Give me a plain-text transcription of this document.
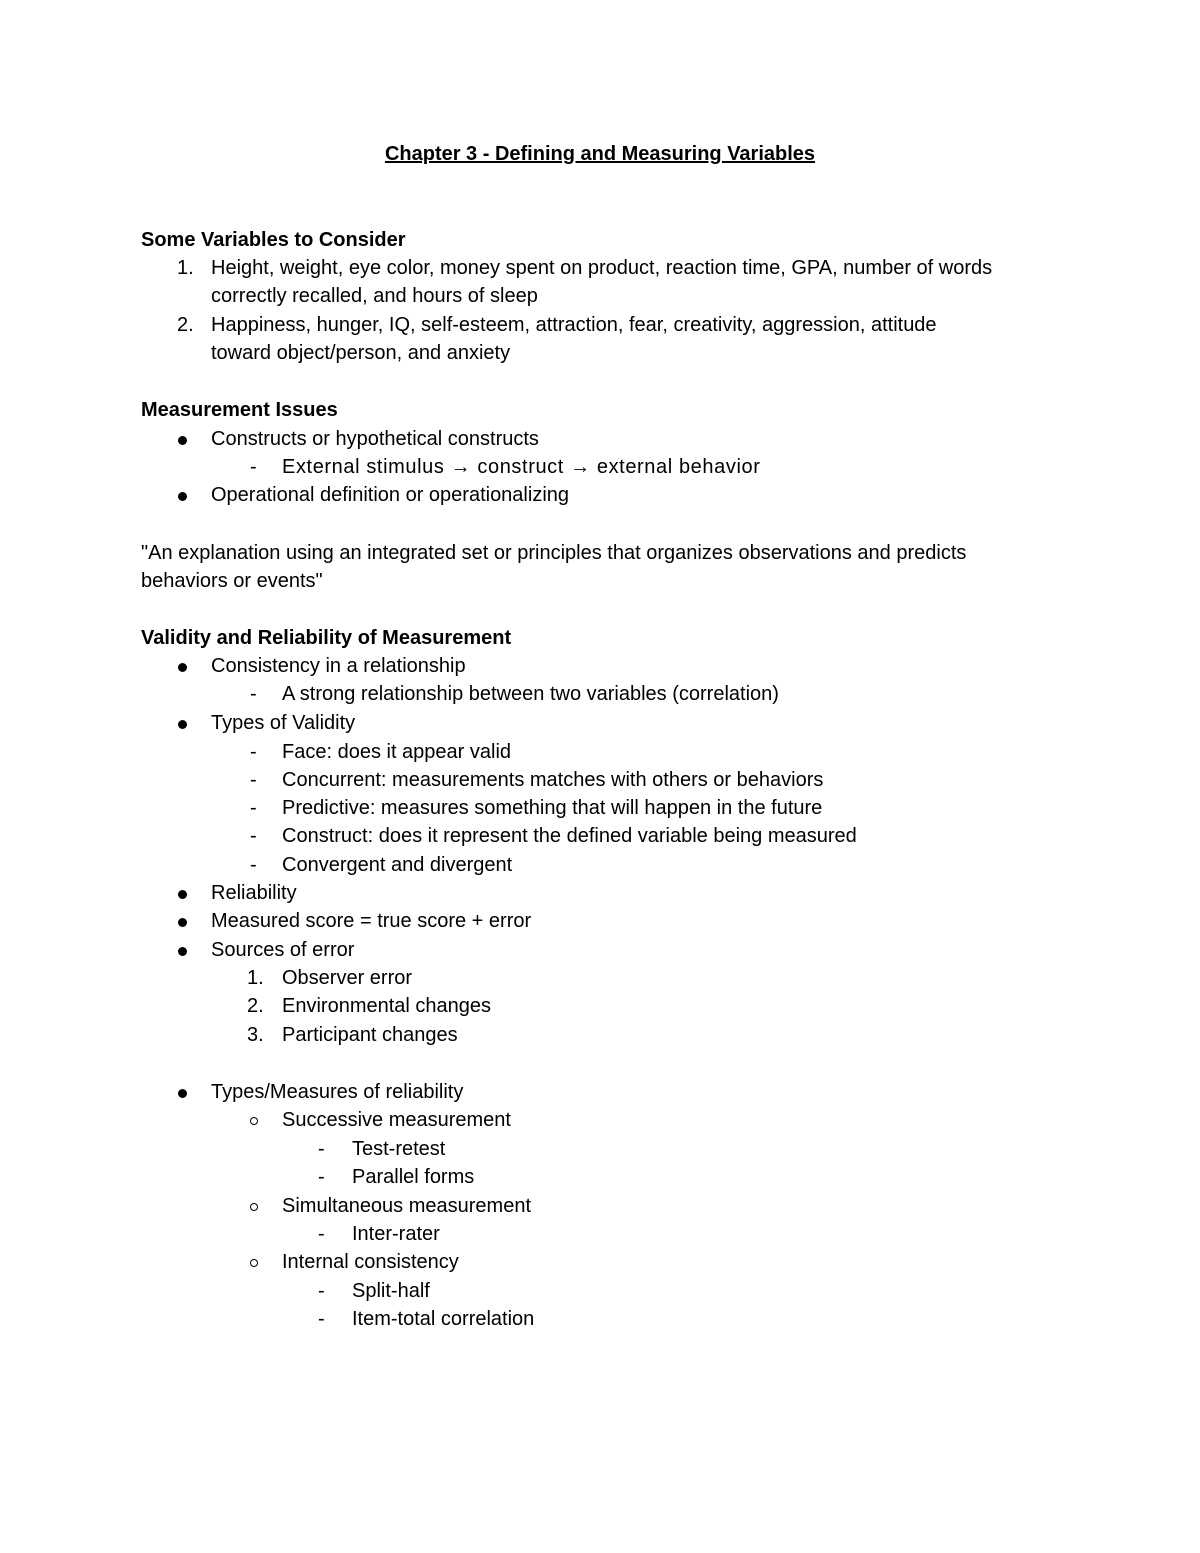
Chapter 3 - Defining and Measuring Variables
Some Variables to Consider
1. Height, weight, eye color, money spent on product, reaction time, GPA, number of words
correctly recalled, and hours of sleep
2. Happiness, hunger, IQ, self-esteem, attraction, fear, creativity, aggression, attitude
toward object/person, and anxiety
Measurement Issues
Constructs or hypothetical constructs
- External stimulus → construct → external behavior
Operational definition or operationalizing
"An explanation using an integrated set or principles that organizes observations and predicts
behaviors or events"
Validity and Reliability of Measurement
Consistency in a relationship
- A strong relationship between two variables (correlation)
Types of Validity
- Face: does it appear valid
- Concurrent: measurements matches with others or behaviors
- Predictive: measures something that will happen in the future
- Construct: does it represent the defined variable being measured
- Convergent and divergent
Reliability
Measured score = true score + error
Sources of error
1. Observer error
2. Environmental changes
3. Participant changes
Types/Measures of reliability
Successive measurement
- Test-retest
- Parallel forms
Simultaneous measurement
- Inter-rater
Internal consistency
- Split-half
- Item-total correlation
